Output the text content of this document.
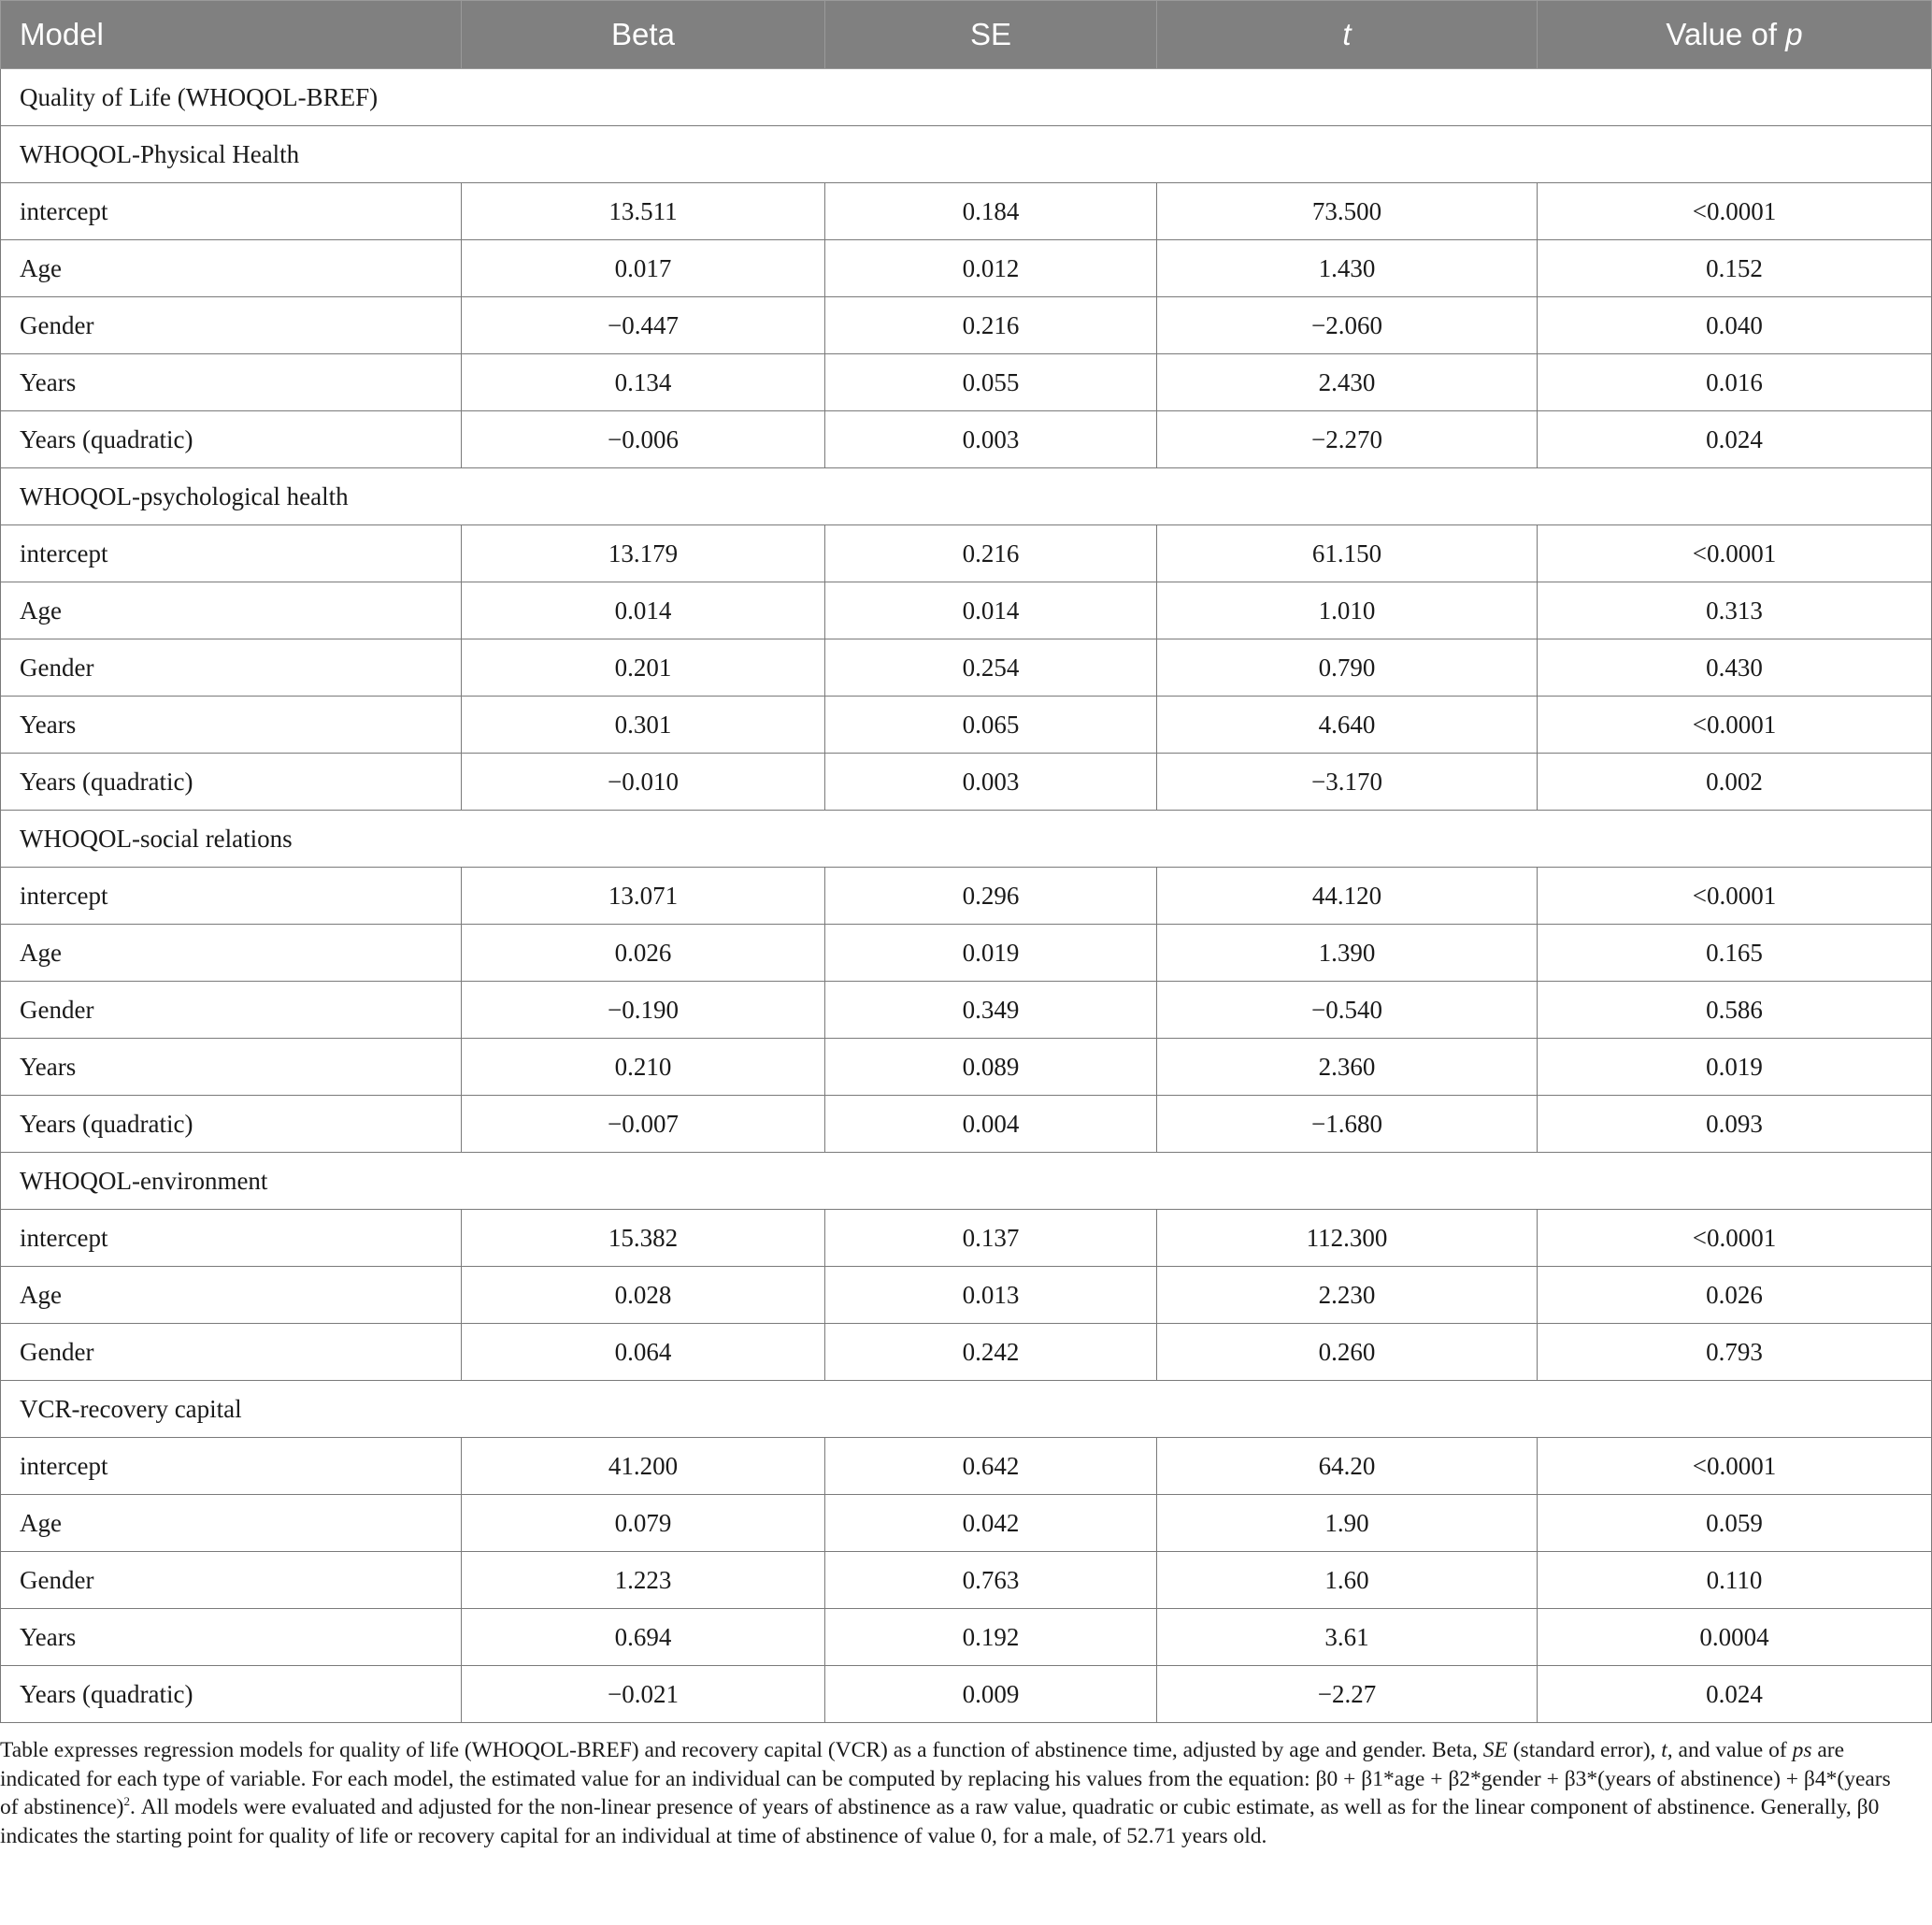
Model	Beta	SE	t	Value of p
Quality of Life (WHOQOL-BREF)				
WHOQOL-Physical Health				
intercept	13.511	0.184	73.500	<0.0001
Age	0.017	0.012	1.430	0.152
Gender	−0.447	0.216	−2.060	0.040
Years	0.134	0.055	2.430	0.016
Years (quadratic)	−0.006	0.003	−2.270	0.024
WHOQOL-psychological health				
intercept	13.179	0.216	61.150	<0.0001
Age	0.014	0.014	1.010	0.313
Gender	0.201	0.254	0.790	0.430
Years	0.301	0.065	4.640	<0.0001
Years (quadratic)	−0.010	0.003	−3.170	0.002
WHOQOL-social relations				
intercept	13.071	0.296	44.120	<0.0001
Age	0.026	0.019	1.390	0.165
Gender	−0.190	0.349	−0.540	0.586
Years	0.210	0.089	2.360	0.019
Years (quadratic)	−0.007	0.004	−1.680	0.093
WHOQOL-environment				
intercept	15.382	0.137	112.300	<0.0001
Age	0.028	0.013	2.230	0.026
Gender	0.064	0.242	0.260	0.793
VCR-recovery capital				
intercept	41.200	0.642	64.20	<0.0001
Age	0.079	0.042	1.90	0.059
Gender	1.223	0.763	1.60	0.110
Years	0.694	0.192	3.61	0.0004
Years (quadratic)	−0.021	0.009	−2.27	0.024
Table expresses regression models for quality of life (WHOQOL-BREF) and recovery capital (VCR) as a function of abstinence time, adjusted by age and gender. Beta, SE (standard error), t, and value of ps are indicated for each type of variable. For each model, the estimated value for an individual can be computed by replacing his values from the equation: β0 + β1*age + β2*gender + β3*(years of abstinence) + β4*(years of abstinence)$^2$. All models were evaluated and adjusted for the non-linear presence of years of abstinence as a raw value, quadratic or cubic estimate, as well as for the linear component of abstinence. Generally, β0 indicates the starting point for quality of life or recovery capital for an individual at time of abstinence of value 0, for a male, of 52.71 years old.
